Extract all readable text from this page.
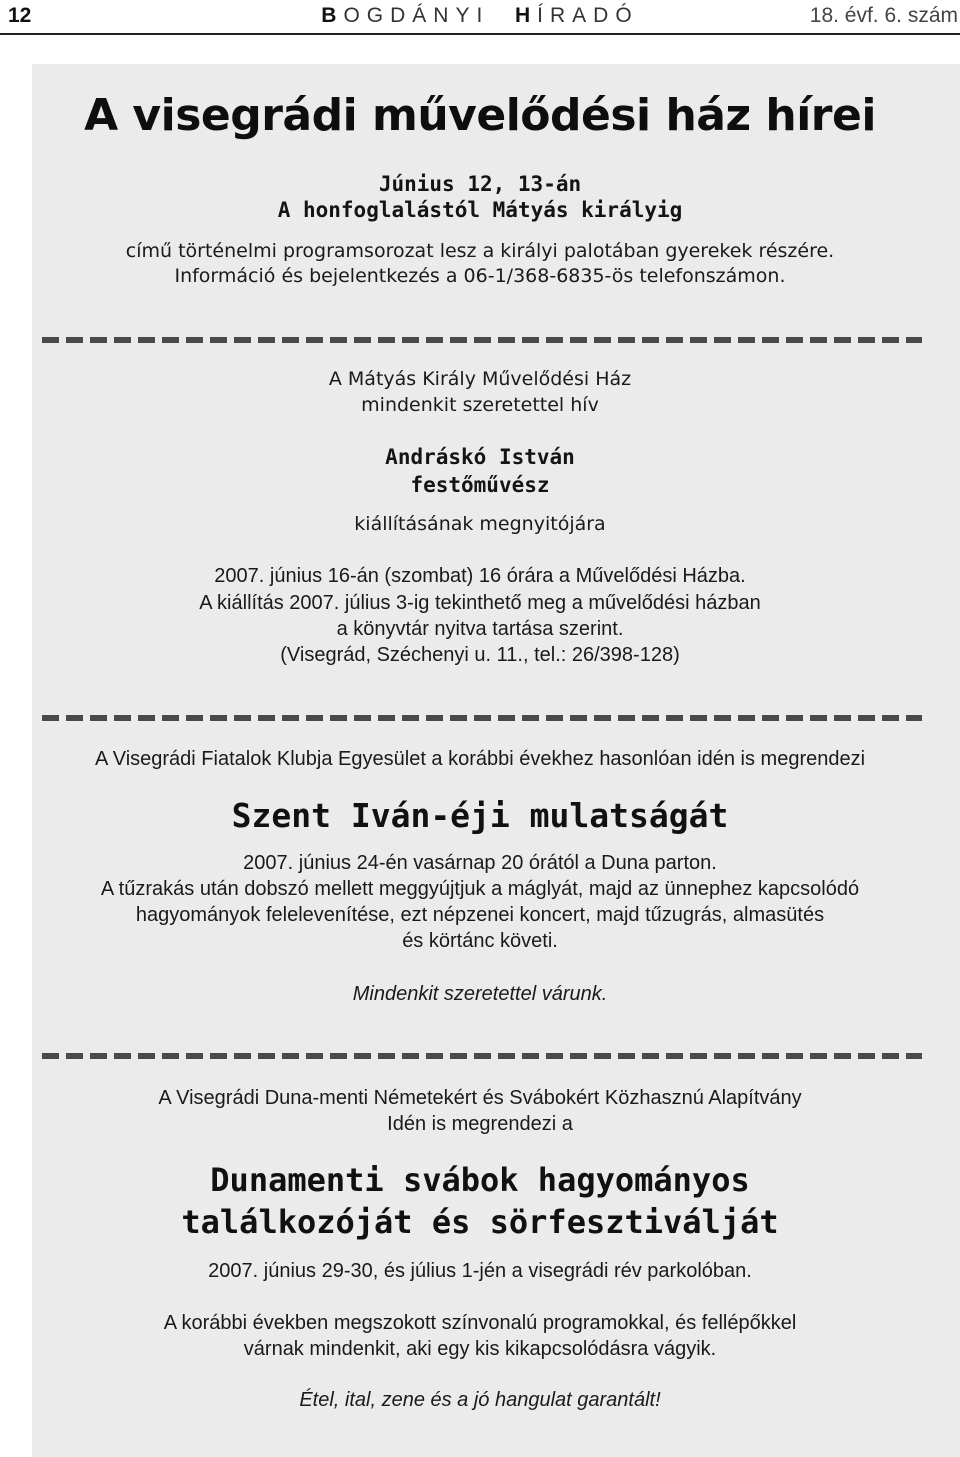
12	BOGDÁNYI HÍRADÓ	18. évf. 6. szám

A visegrádi művelődési ház hírei

Június 12, 13-án

A honfoglalástól Mátyás királyig

című történelmi programsorozat lesz a királyi palotában gyerekek részére.

Információ és bejelentkezés a 06-1/368-6835-ös telefonszámon.

A Mátyás Király Művelődési Ház

mindenkit szeretettel hív

Andráskó István

festőművész

kiállításának megnyitójára

2007. június 16-án (szombat) 16 órára a Művelődési Házba.

A kiállítás 2007. július 3-ig tekinthető meg a művelődési házban

a könyvtár nyitva tartása szerint.

(Visegrád, Széchenyi u. 11., tel.: 26/398-128)

A Visegrádi Fiatalok Klubja Egyesület a korábbi évekhez hasonlóan idén is megrendezi

Szent Iván-éji mulatságát

2007. június 24-én vasárnap 20 órától a Duna parton.

A tűzrakás után dobszó mellett meggyújtjuk a máglyát, majd az ünnephez kapcsolódó

hagyományok felelevenítése, ezt népzenei koncert, majd tűzugrás, almasütés

és körtánc követi.

Mindenkit szeretettel várunk.

A Visegrádi Duna-menti Németekért és Svábokért Közhasznú Alapítvány

Idén is megrendezi a

Dunamenti svábok hagyományos

találkozóját és sörfesztiválját

2007. június 29-30, és július 1-jén a visegrádi rév parkolóban.

A korábbi években megszokott színvonalú programokkal, és fellépőkkel

várnak mindenkit, aki egy kis kikapcsolódásra vágyik.

Étel, ital, zene és a jó hangulat garantált!
